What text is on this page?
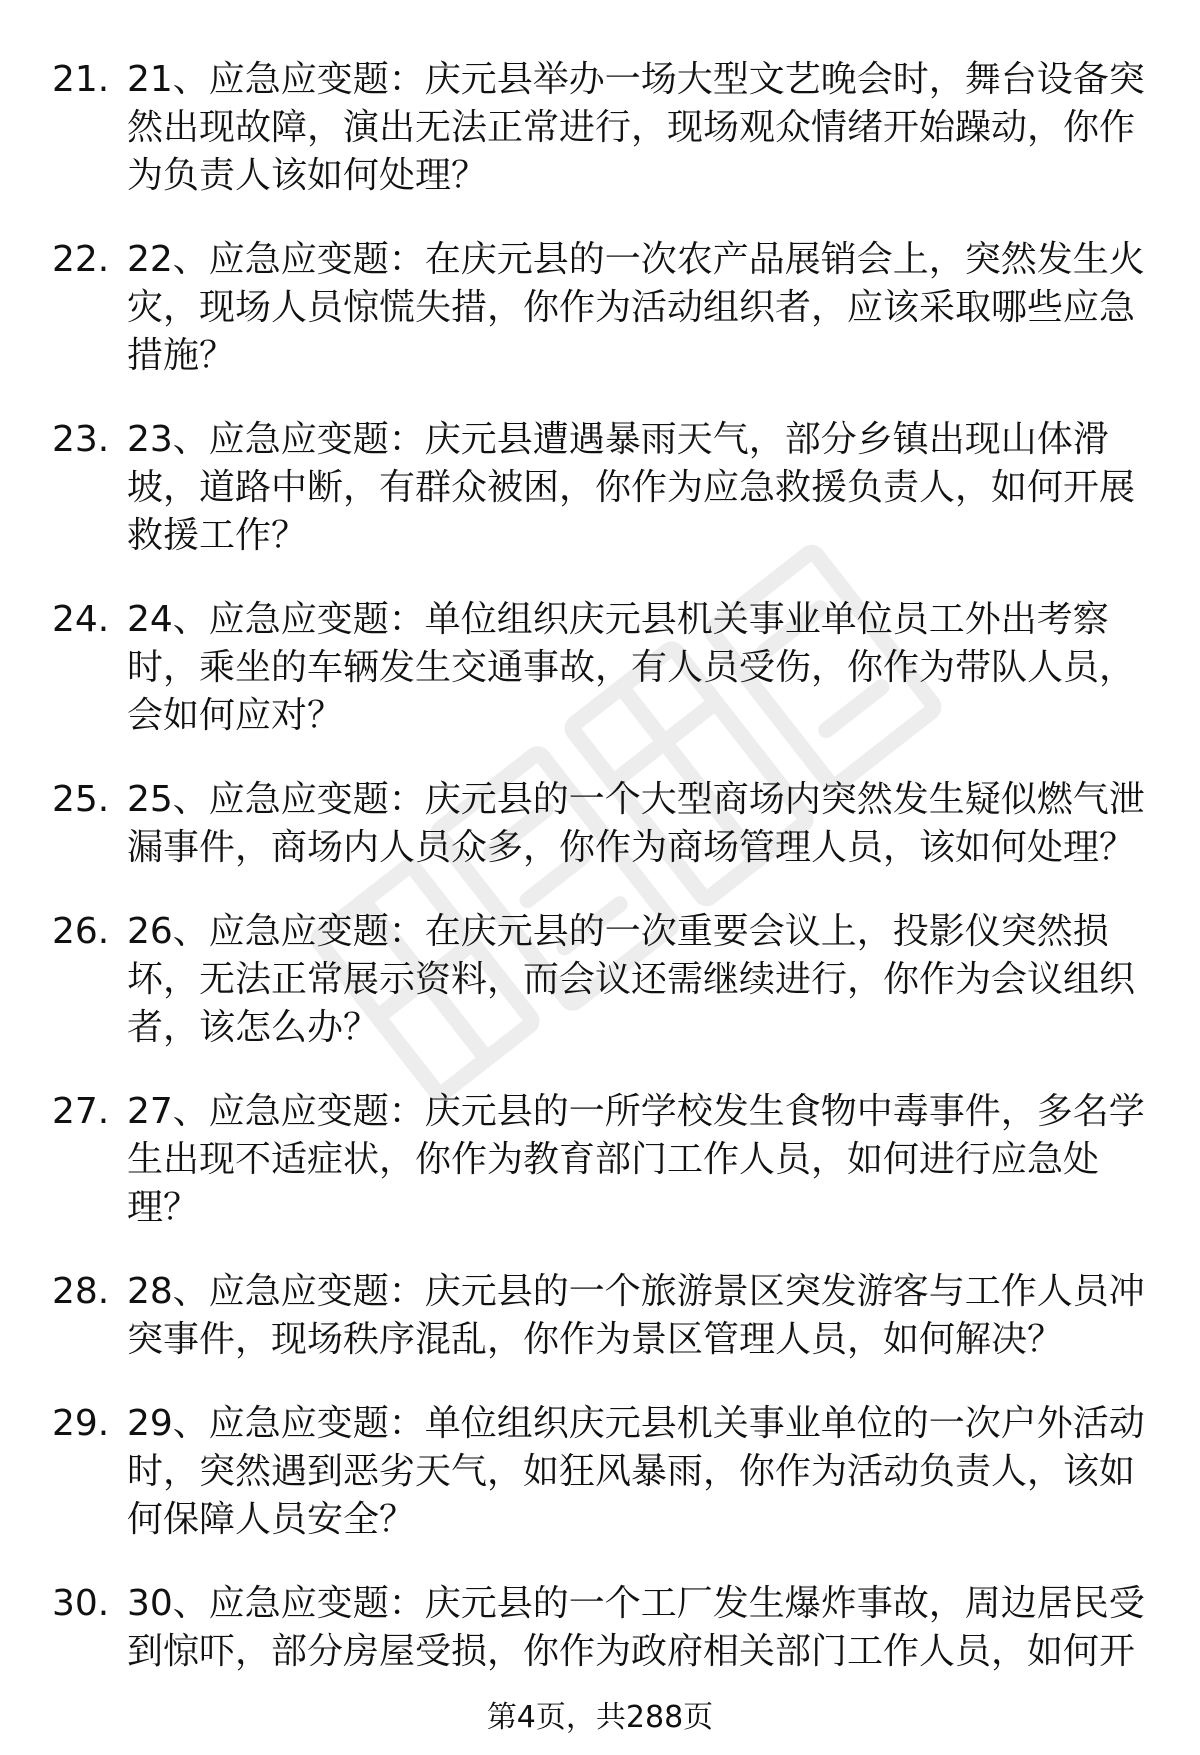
21. 21、应急应变题：庆元县举办一场大型文艺晚会时，舞台设备突然出现故障，演出无法正常进行，现场观众情绪开始躁动，你作为负责人该如何处理？
22. 22、应急应变题：在庆元县的一次农产品展销会上，突然发生火灾，现场人员惊慌失措，你作为活动组织者，应该采取哪些应急措施？
23. 23、应急应变题：庆元县遭遇暴雨天气，部分乡镇出现山体滑坡，道路中断，有群众被困，你作为应急救援负责人，如何开展救援工作？
24. 24、应急应变题：单位组织庆元县机关事业单位员工外出考察时，乘坐的车辆发生交通事故，有人员受伤，你作为带队人员，会如何应对？
25. 25、应急应变题：庆元县的一个大型商场内突然发生疑似燃气泄漏事件，商场内人员众多，你作为商场管理人员，该如何处理？
26. 26、应急应变题：在庆元县的一次重要会议上，投影仪突然损坏，无法正常展示资料，而会议还需继续进行，你作为会议组织者，该怎么办？
27. 27、应急应变题：庆元县的一所学校发生食物中毒事件，多名学生出现不适症状，你作为教育部门工作人员，如何进行应急处理？
28. 28、应急应变题：庆元县的一个旅游景区突发游客与工作人员冲突事件，现场秩序混乱，你作为景区管理人员，如何解决？
29. 29、应急应变题：单位组织庆元县机关事业单位的一次户外活动时，突然遇到恶劣天气，如狂风暴雨，你作为活动负责人，该如何保障人员安全？
30. 30、应急应变题：庆元县的一个工厂发生爆炸事故，周边居民受到惊吓，部分房屋受损，你作为政府相关部门工作人员，如何开
第4页，共288页
